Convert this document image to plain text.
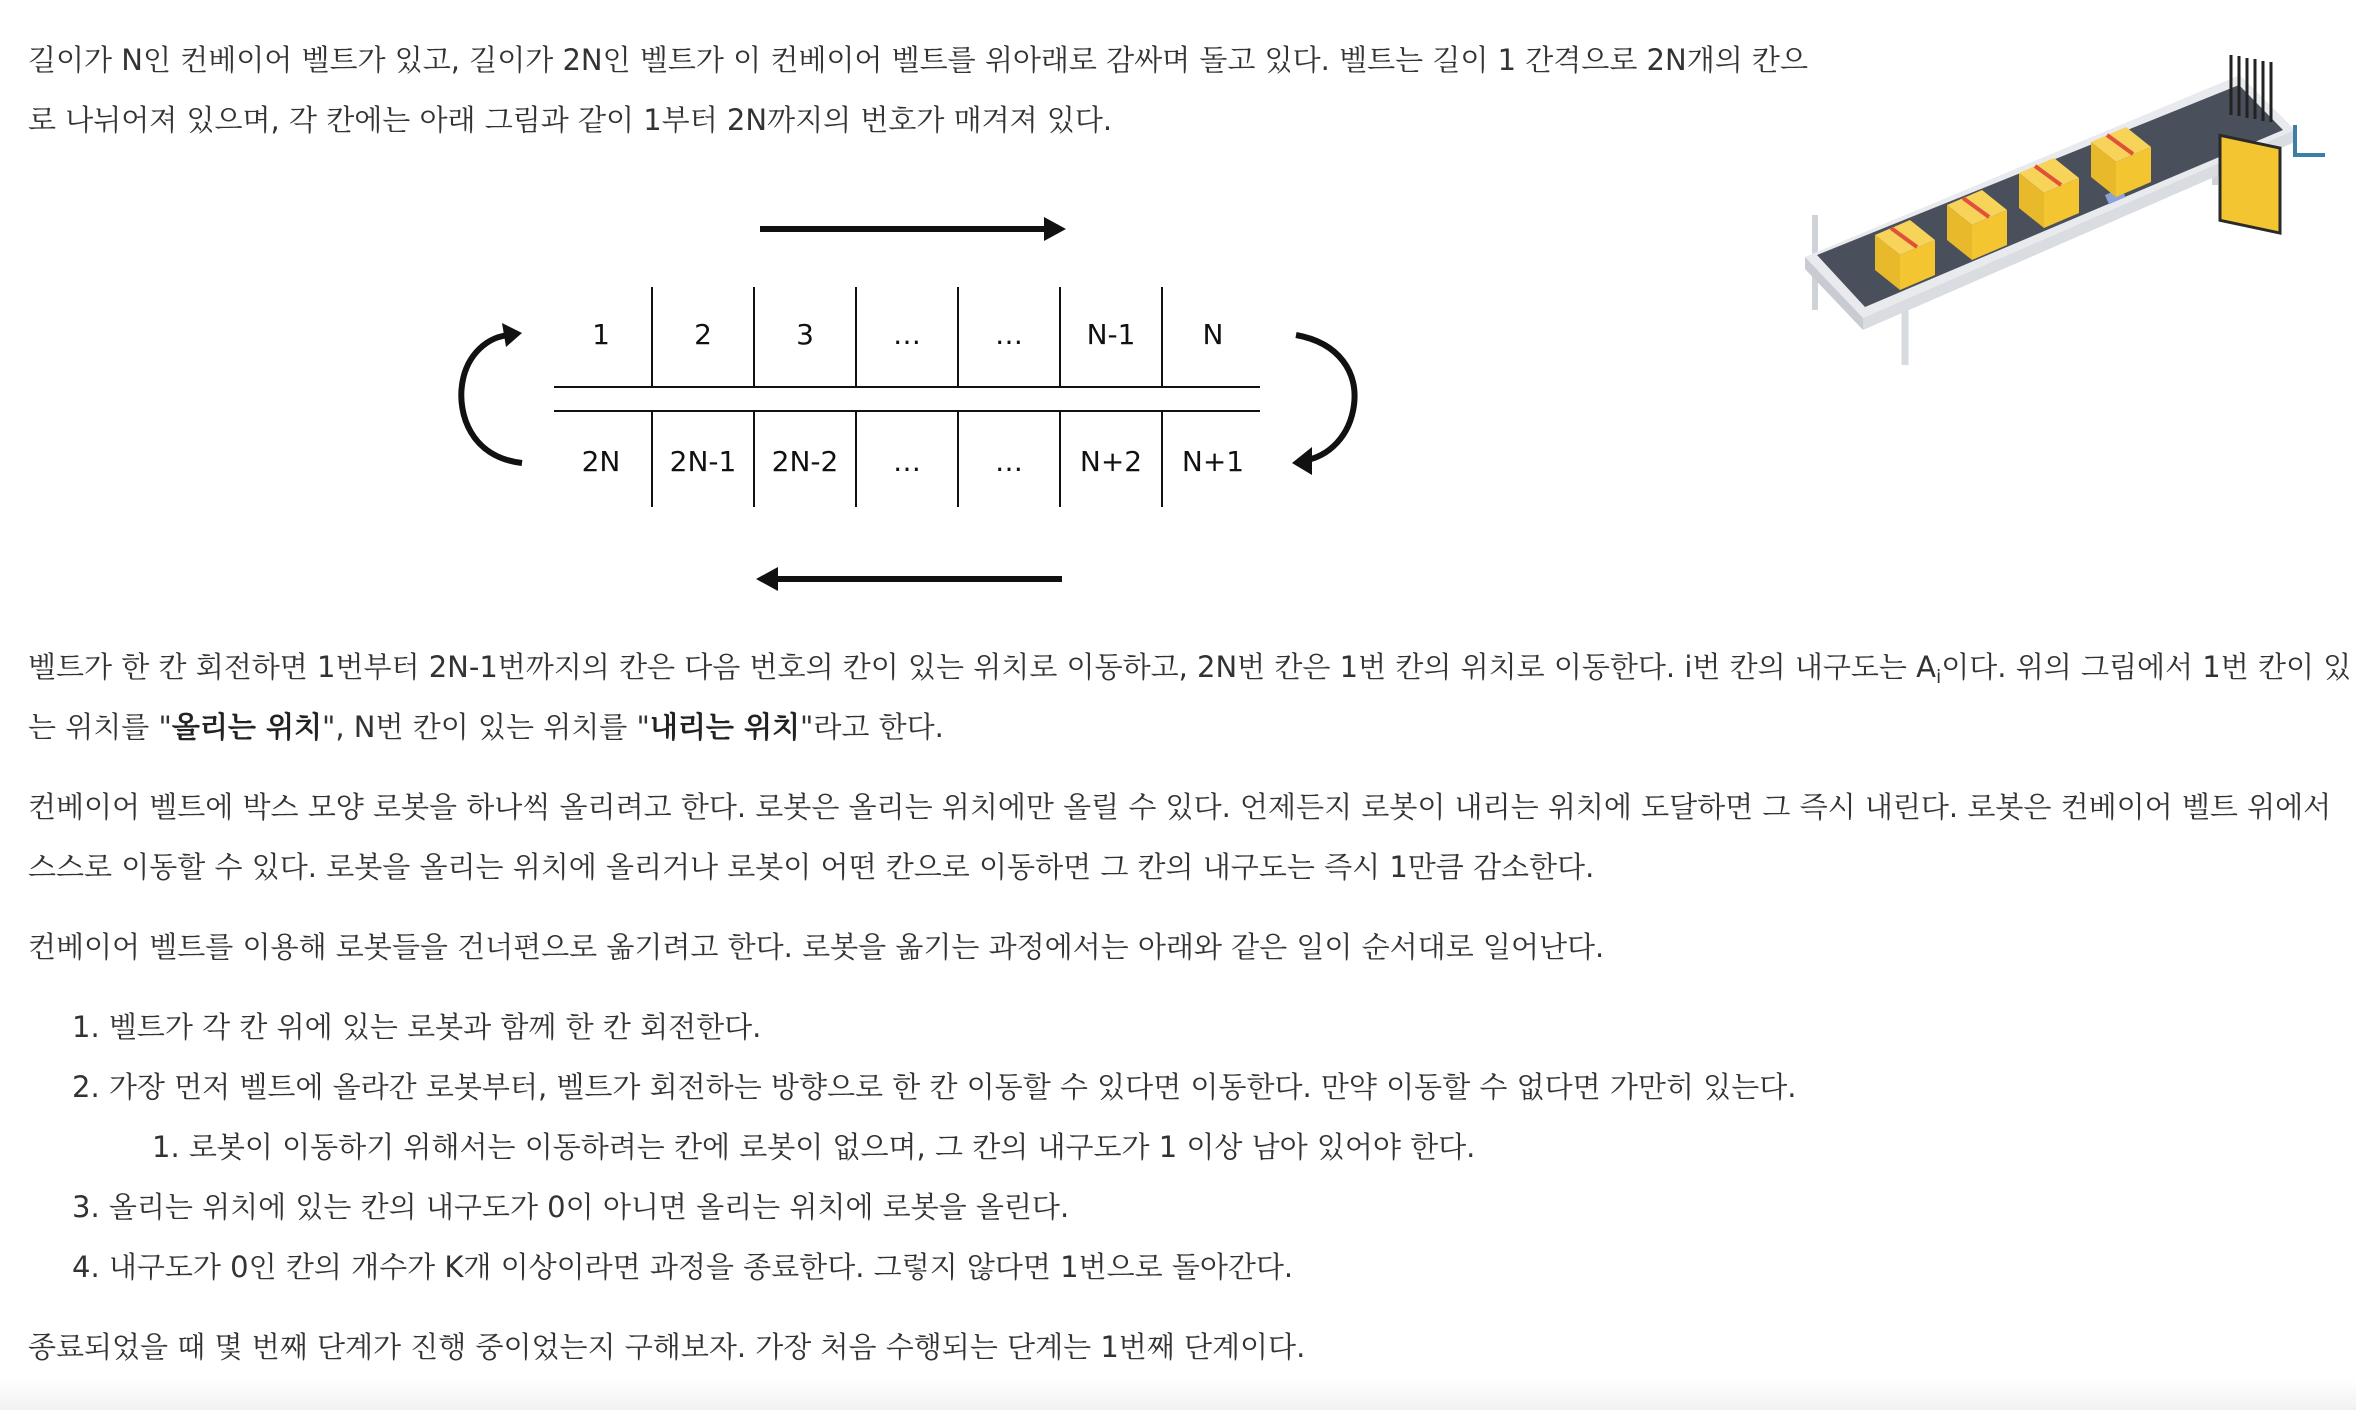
길이가 N인 컨베이어 벨트가 있고, 길이가 2N인 벨트가 이 컨베이어 벨트를 위아래로 감싸며 돌고 있다. 벨트는 길이 1 간격으로 2N개의 칸으
로 나뉘어져 있으며, 각 칸에는 아래 그림과 같이 1부터 2N까지의 번호가 매겨져 있다.
1	2	3	…	…	N-1	N
2N	2N-1	2N-2	…	…	N+2	N+1
벨트가 한 칸 회전하면 1번부터 2N-1번까지의 칸은 다음 번호의 칸이 있는 위치로 이동하고, 2N번 칸은 1번 칸의 위치로 이동한다. i번 칸의 내구도는 $A_i$이다. 위의 그림에서 1번 칸이 있
는 위치를 "올리는 위치", N번 칸이 있는 위치를 "내리는 위치"라고 한다.
컨베이어 벨트에 박스 모양 로봇을 하나씩 올리려고 한다. 로봇은 올리는 위치에만 올릴 수 있다. 언제든지 로봇이 내리는 위치에 도달하면 그 즉시 내린다. 로봇은 컨베이어 벨트 위에서
스스로 이동할 수 있다. 로봇을 올리는 위치에 올리거나 로봇이 어떤 칸으로 이동하면 그 칸의 내구도는 즉시 1만큼 감소한다.
컨베이어 벨트를 이용해 로봇들을 건너편으로 옮기려고 한다. 로봇을 옮기는 과정에서는 아래와 같은 일이 순서대로 일어난다.
1. 벨트가 각 칸 위에 있는 로봇과 함께 한 칸 회전한다.
2. 가장 먼저 벨트에 올라간 로봇부터, 벨트가 회전하는 방향으로 한 칸 이동할 수 있다면 이동한다. 만약 이동할 수 없다면 가만히 있는다.
1. 로봇이 이동하기 위해서는 이동하려는 칸에 로봇이 없으며, 그 칸의 내구도가 1 이상 남아 있어야 한다.
3. 올리는 위치에 있는 칸의 내구도가 0이 아니면 올리는 위치에 로봇을 올린다.
4. 내구도가 0인 칸의 개수가 K개 이상이라면 과정을 종료한다. 그렇지 않다면 1번으로 돌아간다.
종료되었을 때 몇 번째 단계가 진행 중이었는지 구해보자. 가장 처음 수행되는 단계는 1번째 단계이다.
